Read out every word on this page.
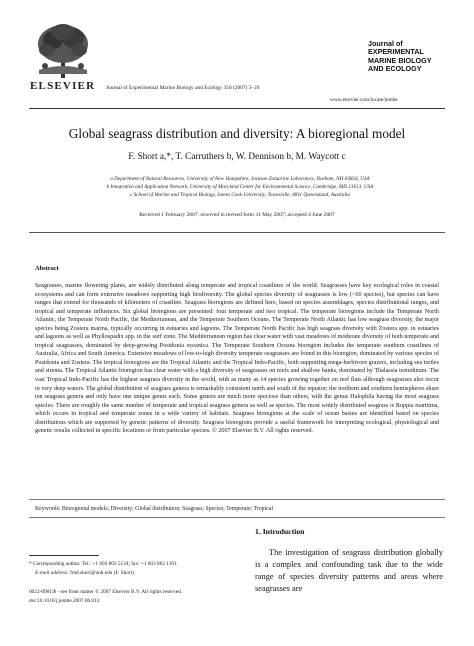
ELSEVIER Journal of Experimental Marine Biology and Ecology 350 (2007) 3–20
Journal of
EXPERIMENTAL
MARINE BIOLOGY
AND ECOLOGY
www.elsevier.com/locate/jembe
Global seagrass distribution and diversity: A bioregional model
F. Short a,*, T. Carruthers b, W. Dennison b, M. Waycott c
a Department of Natural Resources, University of New Hampshire, Jackson Estuarine Laboratory, Durham, NH 03824, USA
b Integration and Application Network, University of Maryland Center for Environmental Science, Cambridge, MD 21613, USA
c School of Marine and Tropical Biology, James Cook University, Townsville, 4811 Queensland, Australia
Received 1 February 2007; received in revised form 31 May 2007; accepted 4 June 2007
Abstract
Seagrasses, marine flowering plants, are widely distributed along temperate and tropical coastlines of the world. Seagrasses have key ecological roles in coastal ecosystems and can form extensive meadows supporting high biodiversity. The global species diversity of seagrasses is low (<60 species), but species can have ranges that extend for thousands of kilometers of coastline. Seagrass bioregions are defined here, based on species assemblages, species distributional ranges, and tropical and temperate influences. Six global bioregions are presented: four temperate and two tropical. The temperate bioregions include the Temperate North Atlantic, the Temperate North Pacific, the Mediterranean, and the Temperate Southern Oceans. The Temperate North Atlantic has low seagrass diversity, the major species being Zostera marina, typically occurring in estuaries and lagoons. The Temperate North Pacific has high seagrass diversity with Zostera spp. in estuaries and lagoons as well as Phyllospadix spp. in the surf zone. The Mediterranean region has clear water with vast meadows of moderate diversity of both temperate and tropical seagrasses, dominated by deep-growing Posidonia oceanica. The Temperate Southern Oceans bioregion includes the temperate southern coastlines of Australia, Africa and South America. Extensive meadows of low-to-high diversity temperate seagrasses are found in this bioregion, dominated by various species of Posidonia and Zostera. The tropical bioregions are the Tropical Atlantic and the Tropical Indo-Pacific, both supporting mega-herbivore grazers, including sea turtles and sirenia. The Tropical Atlantic bioregion has clear water with a high diversity of seagrasses on reefs and shallow banks, dominated by Thalassia testudinum. The vast Tropical Indo-Pacific has the highest seagrass diversity in the world, with as many as 14 species growing together on reef flats although seagrasses also occur in very deep waters. The global distribution of seagrass genera is remarkably consistent north and south of the equator; the northern and southern hemispheres share ten seagrass genera and only have one unique genus each. Some genera are much more speciose than others, with the genus Halophila having the most seagrass species. There are roughly the same number of temperate and tropical seagrass genera as well as species. The most widely distributed seagrass is Ruppia maritima, which occurs in tropical and temperate zones in a wide variety of habitats. Seagrass bioregions at the scale of ocean basins are identified based on species distributions which are supported by genetic patterns of diversity. Seagrass bioregions provide a useful framework for interpreting ecological, physiological and genetic results collected in specific locations or from particular species. © 2007 Elsevier B.V. All rights reserved.
Keywords: Bioregional models; Diversity; Global distribution; Seagrass; Species; Temperate; Tropical
* Corresponding author. Tel.: +1 603 862 5134; fax: +1 603 862 1101.
E-mail address: fred.short@unh.edu (F. Short).
0022-0981/$ - see front matter © 2007 Elsevier B.V. All rights reserved.
doi:10.1016/j.jembe.2007.06.012
1. Introduction
The investigation of seagrass distribution globally is a complex and confounding task due to the wide range of species diversity patterns and areas where seagrasses are
